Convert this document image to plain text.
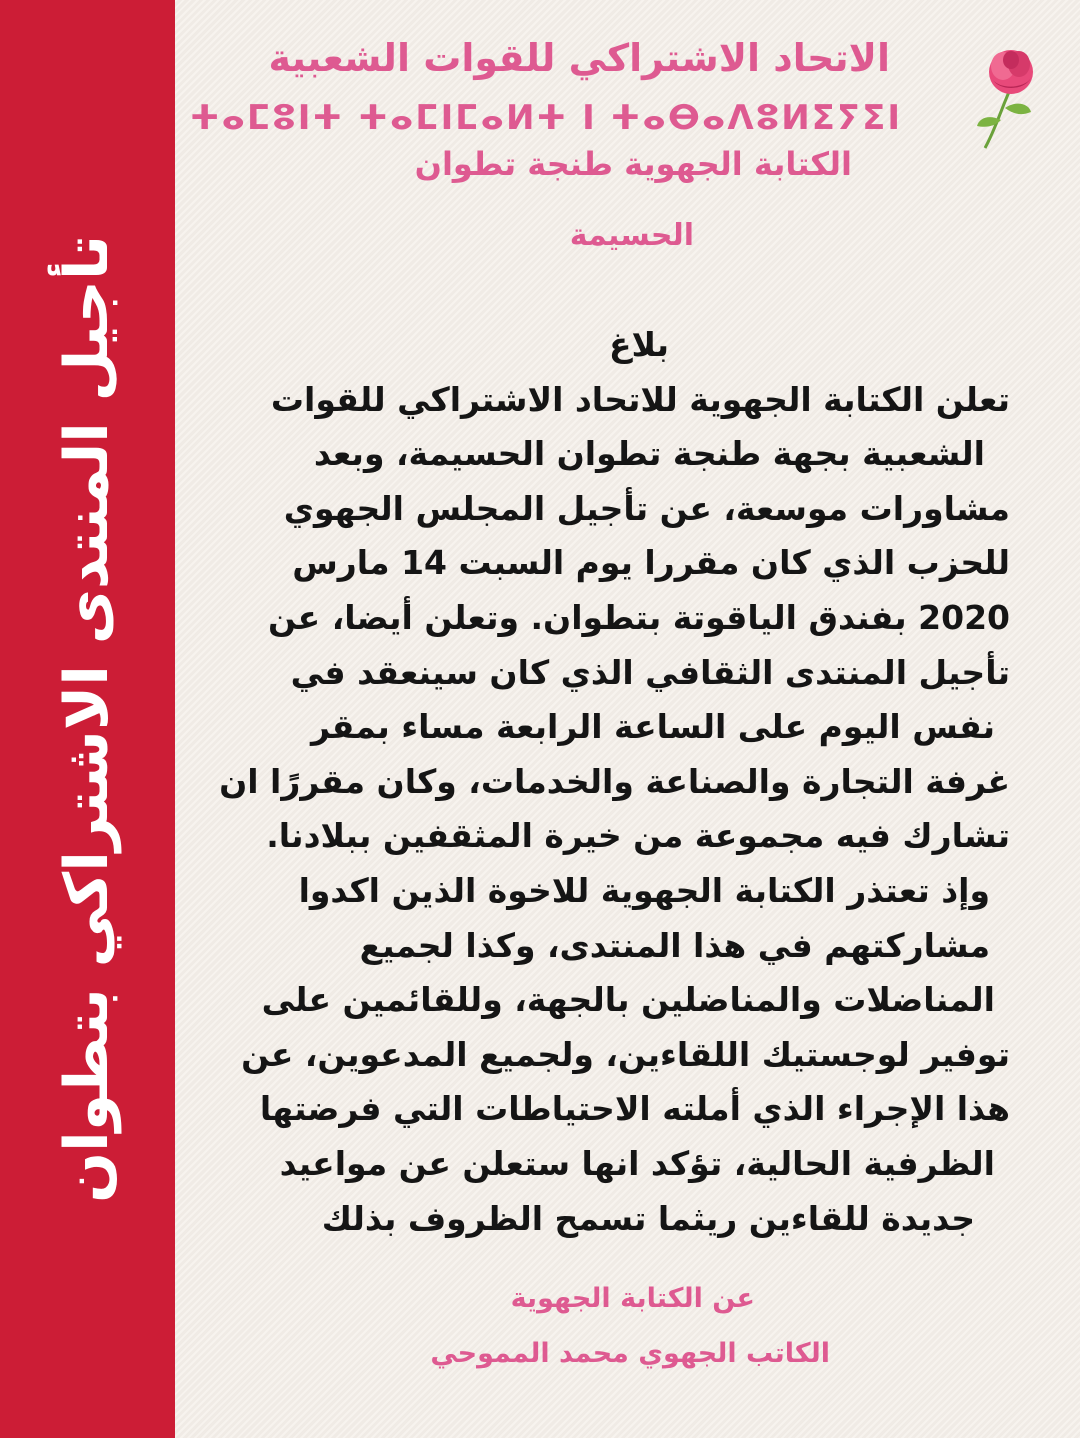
تأجيل المنتدى الاشتراكي بتطوان
الاتحاد الاشتراكي للقوات الشعبية
ⵜⴰⵎⵓⵏⵜ ⵜⴰⵎⵏⵎⴰⵍⵜ ⵏ ⵜⴰⴱⴰⴷⵓⵍⵉⵢⵉⵏ
الكتابة الجهوية طنجة تطوان
الحسيمة
بلاغ
تعلن الكتابة الجهوية للاتحاد الاشتراكي للقوات
الشعبية بجهة طنجة تطوان الحسيمة، وبعد
مشاورات موسعة، عن تأجيل المجلس الجهوي
للحزب الذي كان مقررا يوم السبت 14 مارس
2020 بفندق الياقوتة بتطوان. وتعلن أيضا، عن
تأجيل المنتدى الثقافي الذي كان سينعقد في
نفس اليوم على الساعة الرابعة مساء بمقر
غرفة التجارة والصناعة والخدمات، وكان مقررًا ان
تشارك فيه مجموعة من خيرة المثقفين ببلادنا.
وإذ تعتذر الكتابة الجهوية للاخوة الذين اكدوا
مشاركتهم في هذا المنتدى، وكذا لجميع
المناضلات والمناضلين بالجهة، وللقائمين على
توفير لوجستيك اللقاءين، ولجميع المدعوين، عن
هذا الإجراء الذي أملته الاحتياطات التي فرضتها
الظرفية الحالية، تؤكد انها ستعلن عن مواعيد
جديدة للقاءين ريثما تسمح الظروف بذلك
عن الكتابة الجهوية
الكاتب الجهوي محمد المموحي
